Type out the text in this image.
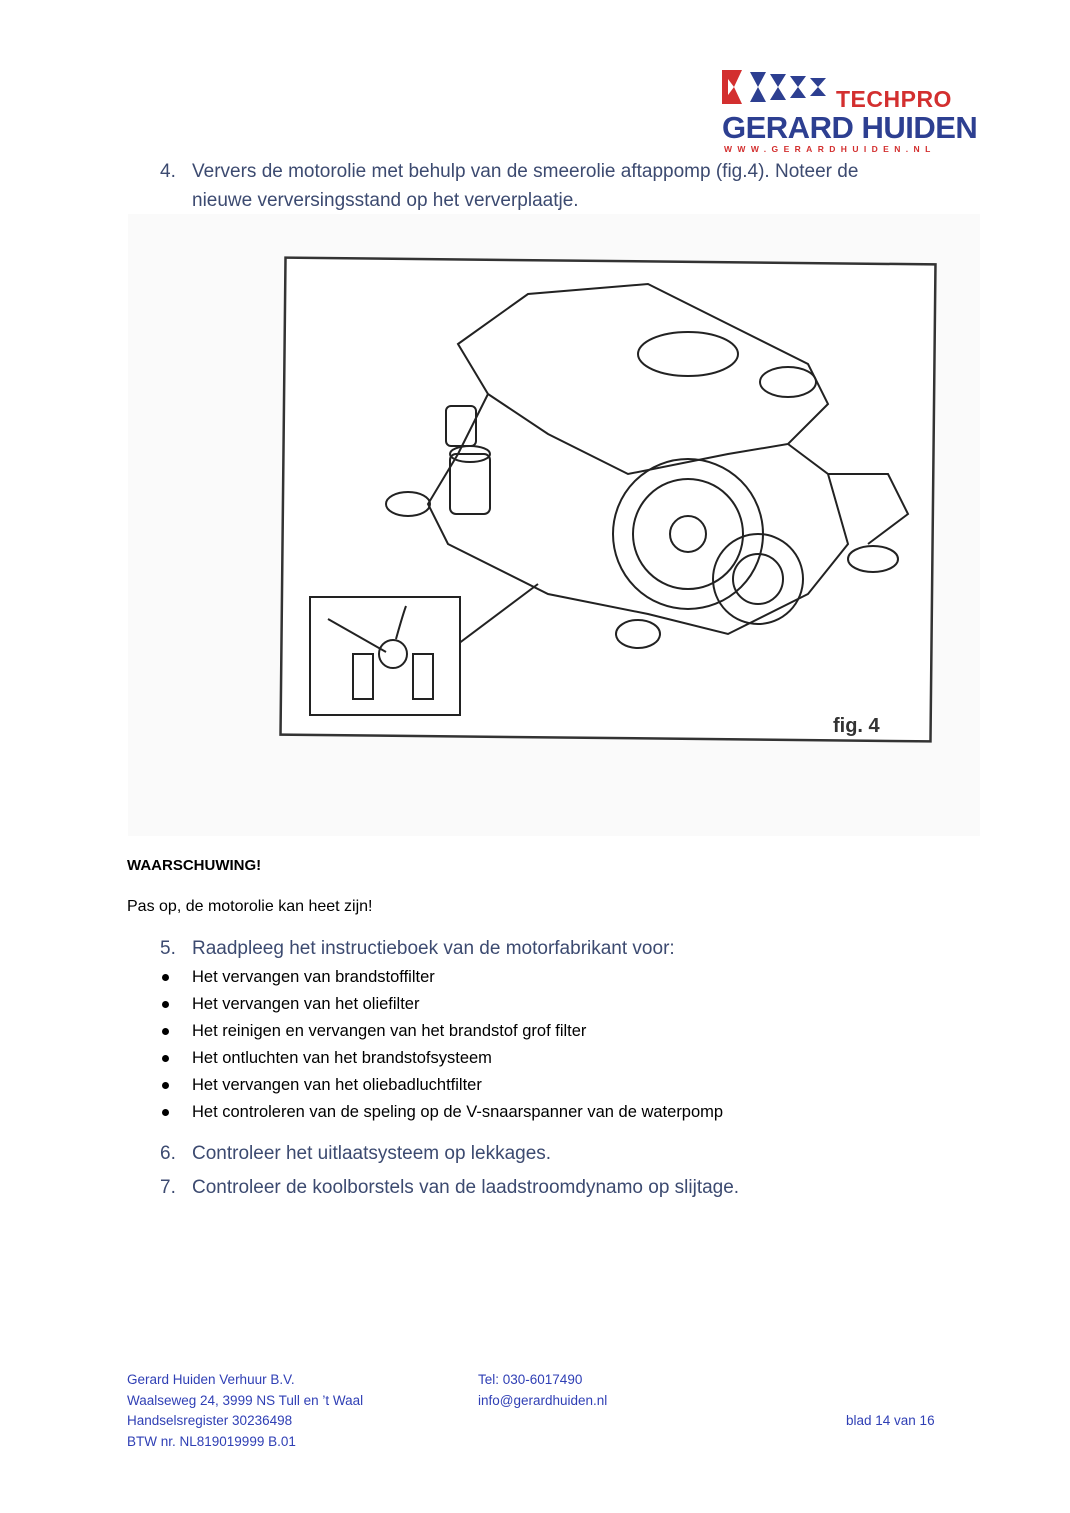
TECHPRO
GERARD HUIDEN
WWW.GERARDHUIDEN.NL
4. Ververs de motorolie met behulp van de smeerolie aftappomp (fig.4). Noteer de nieuwe verversingsstand op het ververplaatje.
fig. 4
WAARSCHUWING!
Pas op, de motorolie kan heet zijn!
5. Raadpleeg het instructieboek van de motorfabrikant voor:
Het vervangen van brandstoffilter
Het vervangen van het oliefilter
Het reinigen en vervangen van het brandstof grof filter
Het ontluchten van het brandstofsysteem
Het vervangen van het oliebadluchtfilter
Het controleren van de speling op de V-snaarspanner van de waterpomp
6. Controleer het uitlaatsysteem op lekkages.
7. Controleer de koolborstels van de laadstroomdynamo op slijtage.
Gerard Huiden Verhuur B.V.
Waalseweg 24, 3999 NS Tull en ’t Waal
Handselsregister 30236498
BTW nr. NL819019999 B.01
Tel: 030-6017490
info@gerardhuiden.nl
blad 14 van 16
